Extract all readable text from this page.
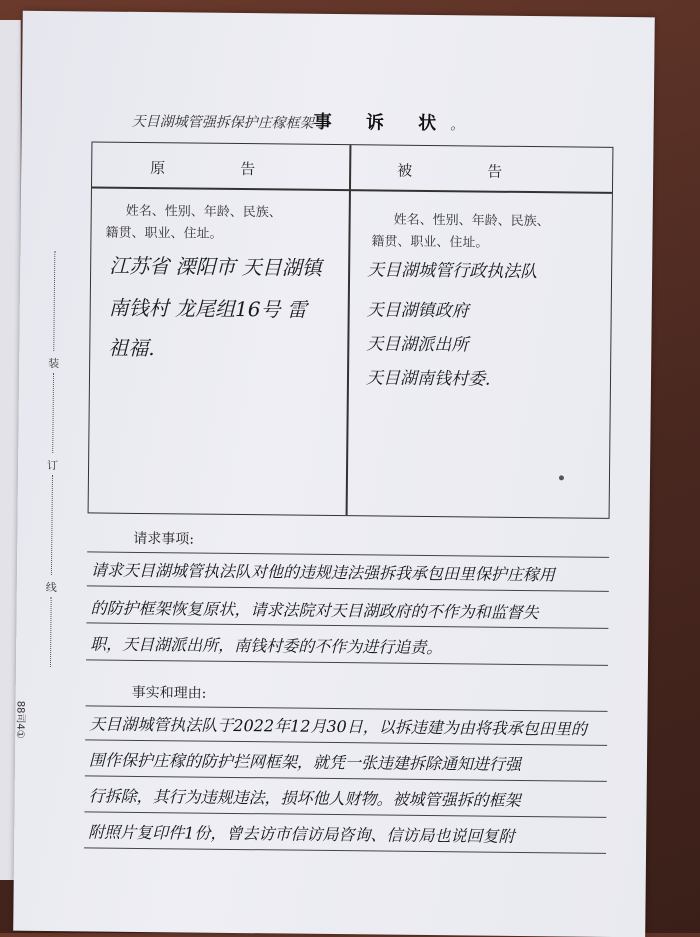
装
订
线
88司4①
天目湖城管强拆保护庄稼框架事 诉 状。
原　　　　　告	被　　　　　告
姓名、性别、年龄、民族、
籍贯、职业、住址。
姓名、性别、年龄、民族、
籍贯、职业、住址。
江苏省 溧阳市 天目湖镇
南钱村 龙尾组16号 雷
祖福.
天目湖城管行政执法队
天目湖镇政府
天目湖派出所
天目湖南钱村委.
请求事项:
请求天目湖城管执法队对他的违规违法强拆我承包田里保护庄稼用
的防护框架恢复原状，请求法院对天目湖政府的不作为和监督失
职，天目湖派出所，南钱村委的不作为进行追责。
事实和理由:
天目湖城管执法队于2022年12月30日，以拆违建为由将我承包田里的
围作保护庄稼的防护拦网框架，就凭一张违建拆除通知进行强
行拆除，其行为违规违法，损坏他人财物。被城管强拆的框架
附照片复印件1份，曾去访市信访局咨询、信访局也说回复附
